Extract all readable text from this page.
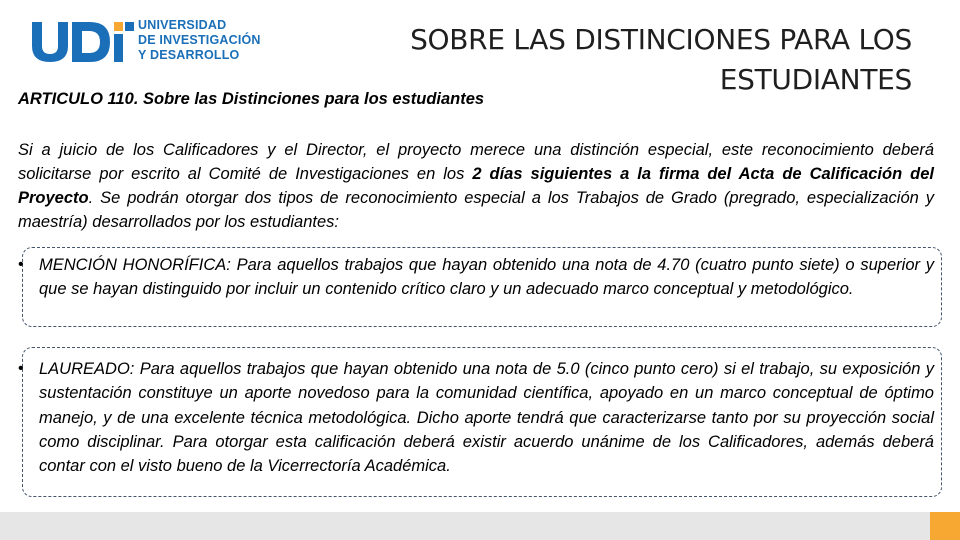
UNIVERSIDAD
DE INVESTIGACIÓN
Y DESARROLLO	SOBRE LAS DISTINCIONES PARA LOS ESTUDIANTES
ARTICULO 110. Sobre las Distinciones para los estudiantes

Si a juicio de los Calificadores y el Director, el proyecto merece una distinción especial, este reconocimiento deberá solicitarse por escrito al Comité de Investigaciones en los 2 días siguientes a la firma del Acta de Calificación del Proyecto. Se podrán otorgar dos tipos de reconocimiento especial a los Trabajos de Grado (pregrado, especialización y maestría) desarrollados por los estudiantes:

• MENCIÓN HONORÍFICA: Para aquellos trabajos que hayan obtenido una nota de 4.70 (cuatro punto siete) o superior y que se hayan distinguido por incluir un contenido crítico claro y un adecuado marco conceptual y metodológico.
• LAUREADO: Para aquellos trabajos que hayan obtenido una nota de 5.0 (cinco punto cero) si el trabajo, su exposición y sustentación constituye un aporte novedoso para la comunidad científica, apoyado en un marco conceptual de óptimo manejo, y de una excelente técnica metodológica. Dicho aporte tendrá que caracterizarse tanto por su proyección social como disciplinar. Para otorgar esta calificación deberá existir acuerdo unánime de los Calificadores, además deberá contar con el visto bueno de la Vicerrectoría Académica.
